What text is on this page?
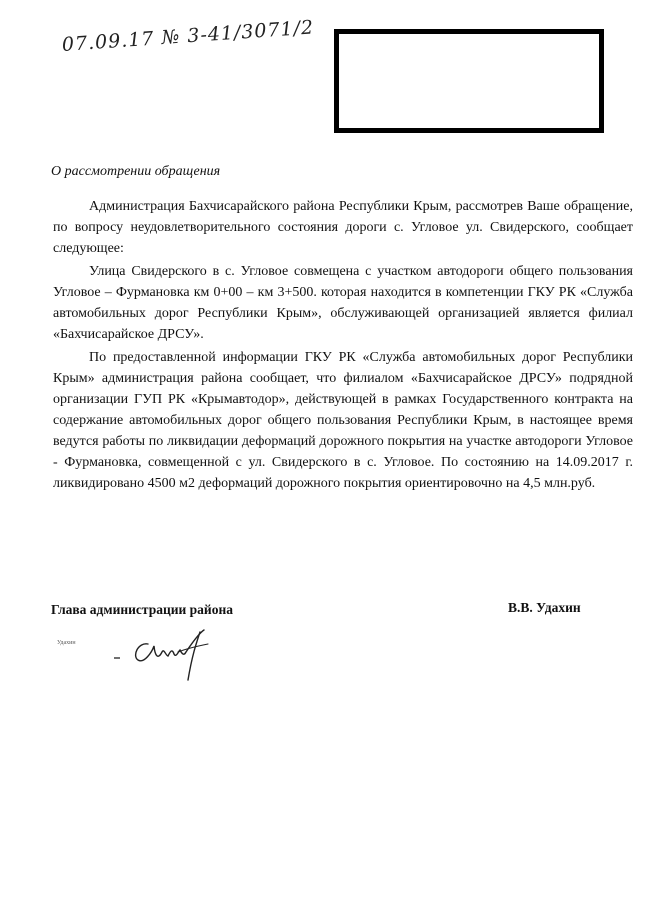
07.09.17 № 3-41/3071/2
О рассмотрении обращения

Администрация Бахчисарайского района Республики Крым, рассмотрев Ваше обращение, по вопросу неудовлетворительного состояния дороги с. Угловое ул. Свидерского, сообщает следующее:

Улица Свидерского в с. Угловое совмещена с участком автодороги общего пользования Угловое – Фурмановка км 0+00 – км 3+500. которая находится в компетенции ГКУ РК «Служба автомобильных дорог Республики Крым», обслуживающей организацией является филиал «Бахчисарайское ДРСУ».

По предоставленной информации ГКУ РК «Служба автомобильных дорог Республики Крым» администрация района сообщает, что филиалом «Бахчисарайское ДРСУ» подрядной организации ГУП РК «Крымавтодор», действующей в рамках Государственного контракта на содержание автомобильных дорог общего пользования Республики Крым, в настоящее время ведутся работы по ликвидации деформаций дорожного покрытия на участке автодороги Угловое - Фурмановка, совмещенной с ул. Свидерского в с. Угловое. По состоянию на 14.09.2017 г. ликвидировано 4500 м2 деформаций дорожного покрытия ориентировочно на 4,5 млн.руб.

Глава администрации района	В.В. Удахин
Удахин
